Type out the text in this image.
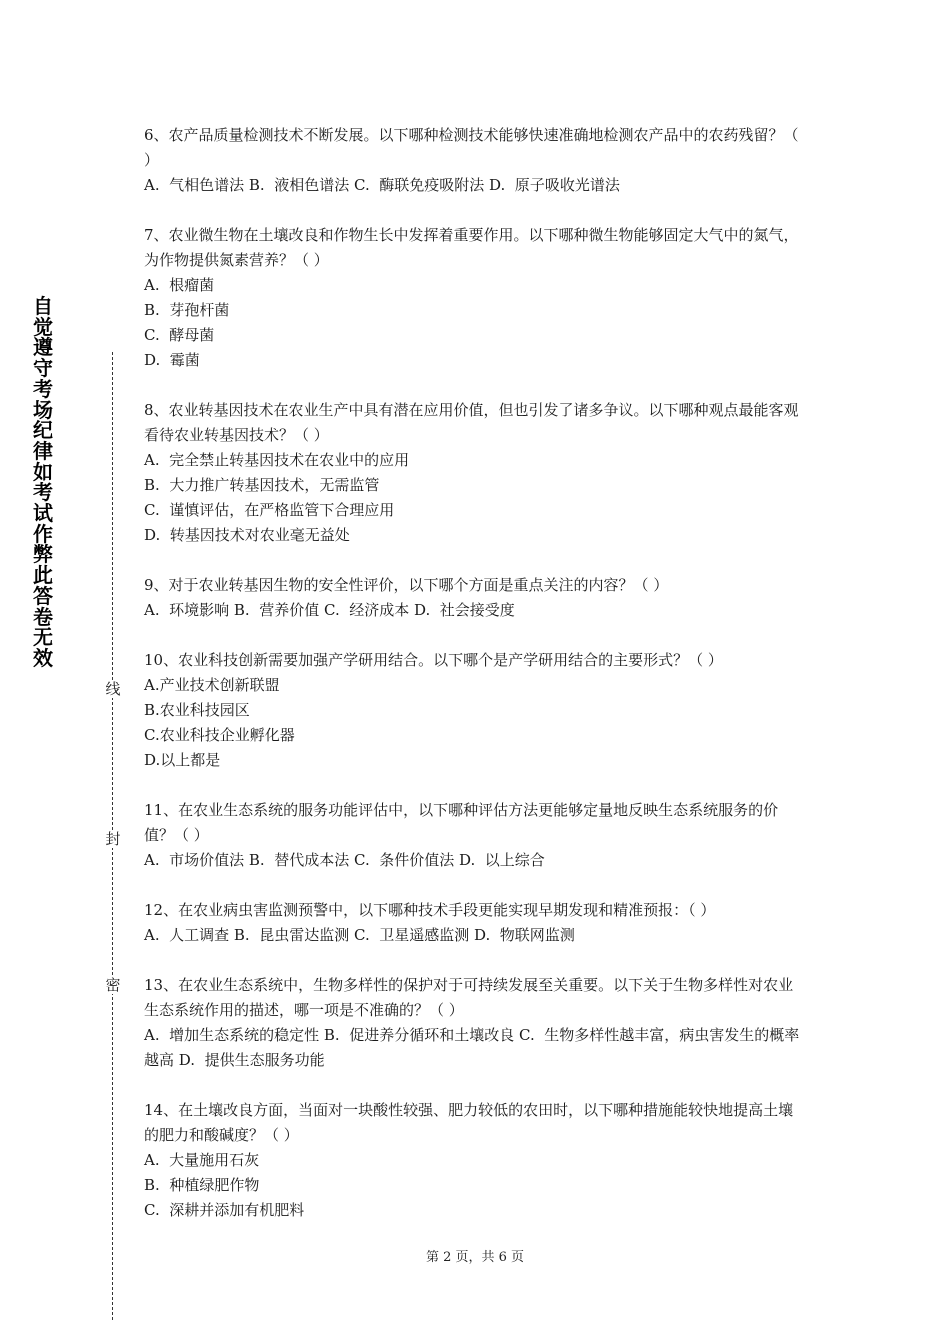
自觉遵守考场纪律如考试作弊此答卷无效
线
封
密

6、农产品质量检测技术不断发展。以下哪种检测技术能够快速准确地检测农产品中的农药残留？（ ）

A.  气相色谱法 B.  液相色谱法 C.  酶联免疫吸附法 D.  原子吸收光谱法

7、农业微生物在土壤改良和作物生长中发挥着重要作用。以下哪种微生物能够固定大气中的氮气，为作物提供氮素营养？（ ）

A.  根瘤菌

B.  芽孢杆菌

C.  酵母菌

D.  霉菌

8、农业转基因技术在农业生产中具有潜在应用价值，但也引发了诸多争议。以下哪种观点最能客观看待农业转基因技术？（ ）

A.  完全禁止转基因技术在农业中的应用

B.  大力推广转基因技术，无需监管

C.  谨慎评估，在严格监管下合理应用

D.  转基因技术对农业毫无益处

9、对于农业转基因生物的安全性评价，以下哪个方面是重点关注的内容？（ ）

A.  环境影响 B.  营养价值 C.  经济成本 D.  社会接受度

10、农业科技创新需要加强产学研用结合。以下哪个是产学研用结合的主要形式？（ ）

A.产业技术创新联盟

B.农业科技园区

C.农业科技企业孵化器

D.以上都是

11、在农业生态系统的服务功能评估中，以下哪种评估方法更能够定量地反映生态系统服务的价值？（ ）

A.  市场价值法 B.  替代成本法 C.  条件价值法 D.  以上综合

12、在农业病虫害监测预警中，以下哪种技术手段更能实现早期发现和精准预报：（ ）

A.  人工调查 B.  昆虫雷达监测 C.  卫星遥感监测 D.  物联网监测

13、在农业生态系统中，生物多样性的保护对于可持续发展至关重要。以下关于生物多样性对农业生态系统作用的描述，哪一项是不准确的？（ ）

A.  增加生态系统的稳定性 B.  促进养分循环和土壤改良 C.  生物多样性越丰富，病虫害发生的概率越高 D.  提供生态服务功能

14、在土壤改良方面，当面对一块酸性较强、肥力较低的农田时，以下哪种措施能较快地提高土壤的肥力和酸碱度？（ ）

A.  大量施用石灰

B.  种植绿肥作物

C.  深耕并添加有机肥料

第 2 页，共 6 页
